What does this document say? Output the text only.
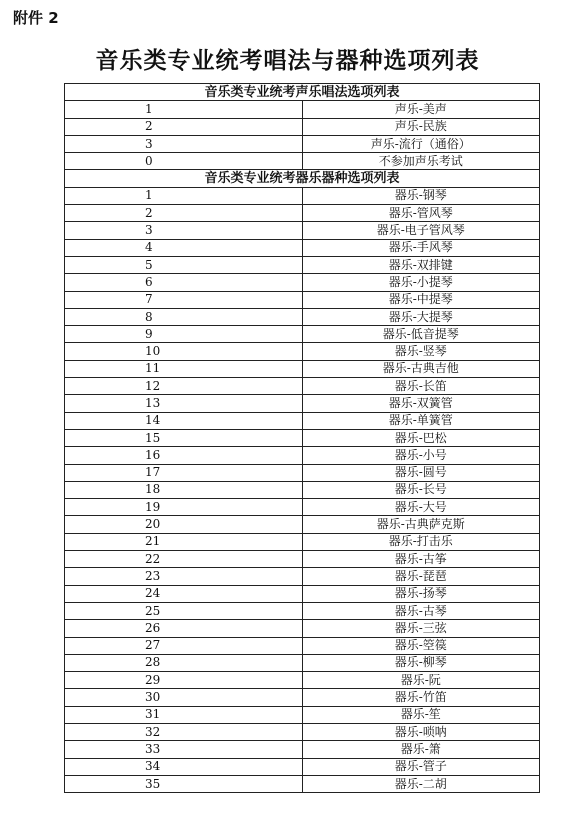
附件 2
音乐类专业统考唱法与器种选项列表
音乐类专业统考声乐唱法选项列表	
1	声乐-美声
2	声乐-民族
3	声乐-流行（通俗）
0	不参加声乐考试
音乐类专业统考器乐器种选项列表	
1	器乐-钢琴
2	器乐-管风琴
3	器乐-电子管风琴
4	器乐-手风琴
5	器乐-双排键
6	器乐-小提琴
7	器乐-中提琴
8	器乐-大提琴
9	器乐-低音提琴
10	器乐-竖琴
11	器乐-古典吉他
12	器乐-长笛
13	器乐-双簧管
14	器乐-单簧管
15	器乐-巴松
16	器乐-小号
17	器乐-圆号
18	器乐-长号
19	器乐-大号
20	器乐-古典萨克斯
21	器乐-打击乐
22	器乐-古筝
23	器乐-琵琶
24	器乐-扬琴
25	器乐-古琴
26	器乐-三弦
27	器乐-箜篌
28	器乐-柳琴
29	器乐-阮
30	器乐-竹笛
31	器乐-笙
32	器乐-唢呐
33	器乐-箫
34	器乐-管子
35	器乐-二胡
